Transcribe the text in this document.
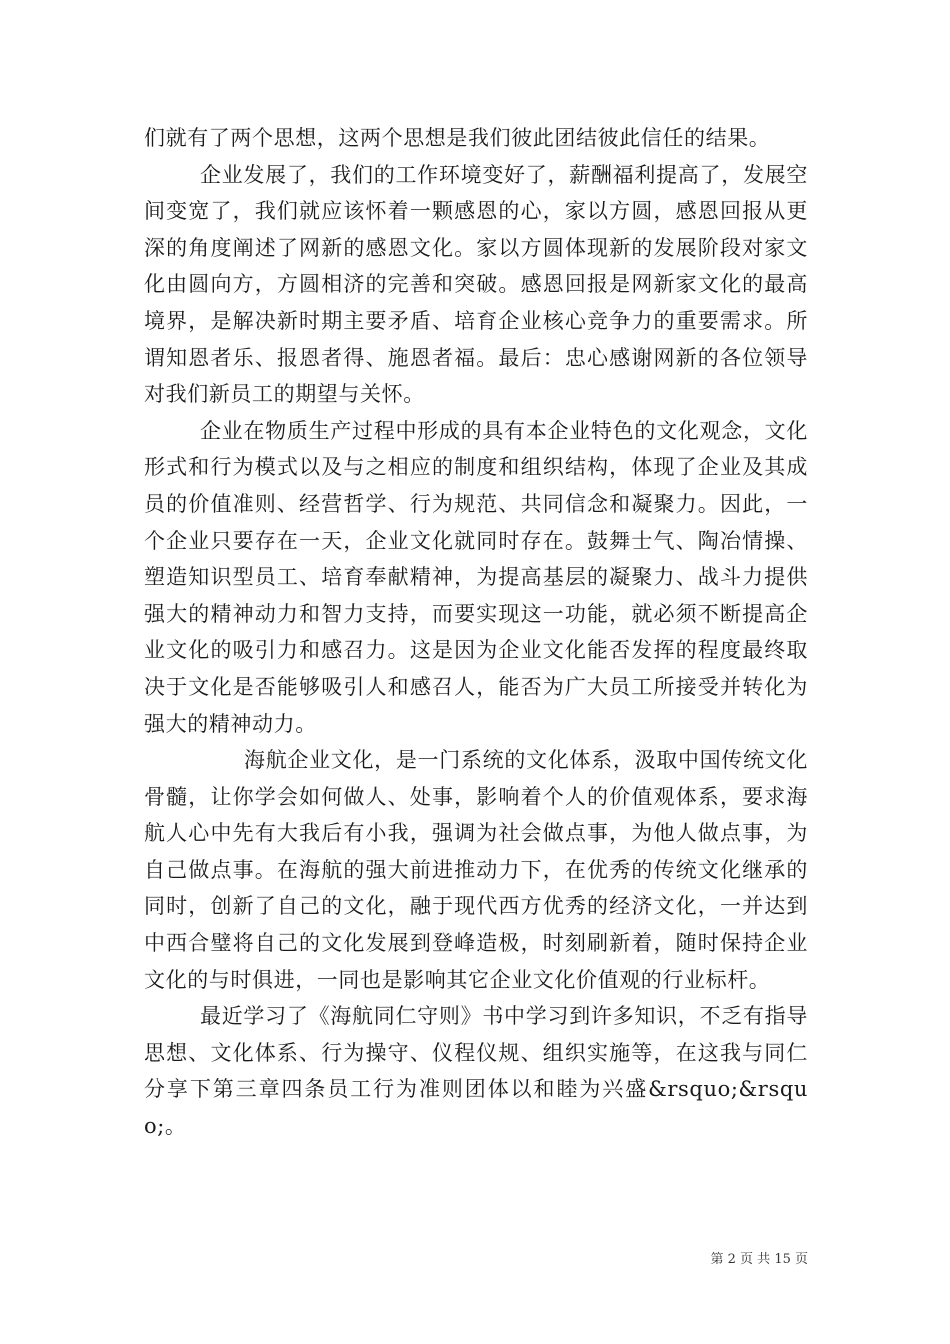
们就有了两个思想，这两个思想是我们彼此团结彼此信任的结果。

企业发展了，我们的工作环境变好了，薪酬福利提高了，发展空间变宽了，我们就应该怀着一颗感恩的心，家以方圆，感恩回报从更深的角度阐述了网新的感恩文化。家以方圆体现新的发展阶段对家文化由圆向方，方圆相济的完善和突破。感恩回报是网新家文化的最高境界，是解决新时期主要矛盾、培育企业核心竞争力的重要需求。所谓知恩者乐、报恩者得、施恩者福。最后：忠心感谢网新的各位领导对我们新员工的期望与关怀。

企业在物质生产过程中形成的具有本企业特色的文化观念，文化形式和行为模式以及与之相应的制度和组织结构，体现了企业及其成员的价值准则、经营哲学、行为规范、共同信念和凝聚力。因此，一个企业只要存在一天，企业文化就同时存在。鼓舞士气、陶冶情操、塑造知识型员工、培育奉献精神，为提高基层的凝聚力、战斗力提供强大的精神动力和智力支持，而要实现这一功能，就必须不断提高企业文化的吸引力和感召力。这是因为企业文化能否发挥的程度最终取决于文化是否能够吸引人和感召人，能否为广大员工所接受并转化为强大的精神动力。

海航企业文化，是一门系统的文化体系，汲取中国传统文化骨髓，让你学会如何做人、处事，影响着个人的价值观体系，要求海航人心中先有大我后有小我，强调为社会做点事，为他人做点事，为自己做点事。在海航的强大前进推动力下，在优秀的传统文化继承的同时，创新了自己的文化，融于现代西方优秀的经济文化，一并达到中西合璧将自己的文化发展到登峰造极，时刻刷新着，随时保持企业文化的与时俱进，一同也是影响其它企业文化价值观的行业标杆。

最近学习了《海航同仁守则》书中学习到许多知识，不乏有指导思想、文化体系、行为操守、仪程仪规、组织实施等，在这我与同仁分享下第三章四条员工行为准则团体以和睦为兴盛&rsquo;&rsquo;。

第 2 页 共 15 页
